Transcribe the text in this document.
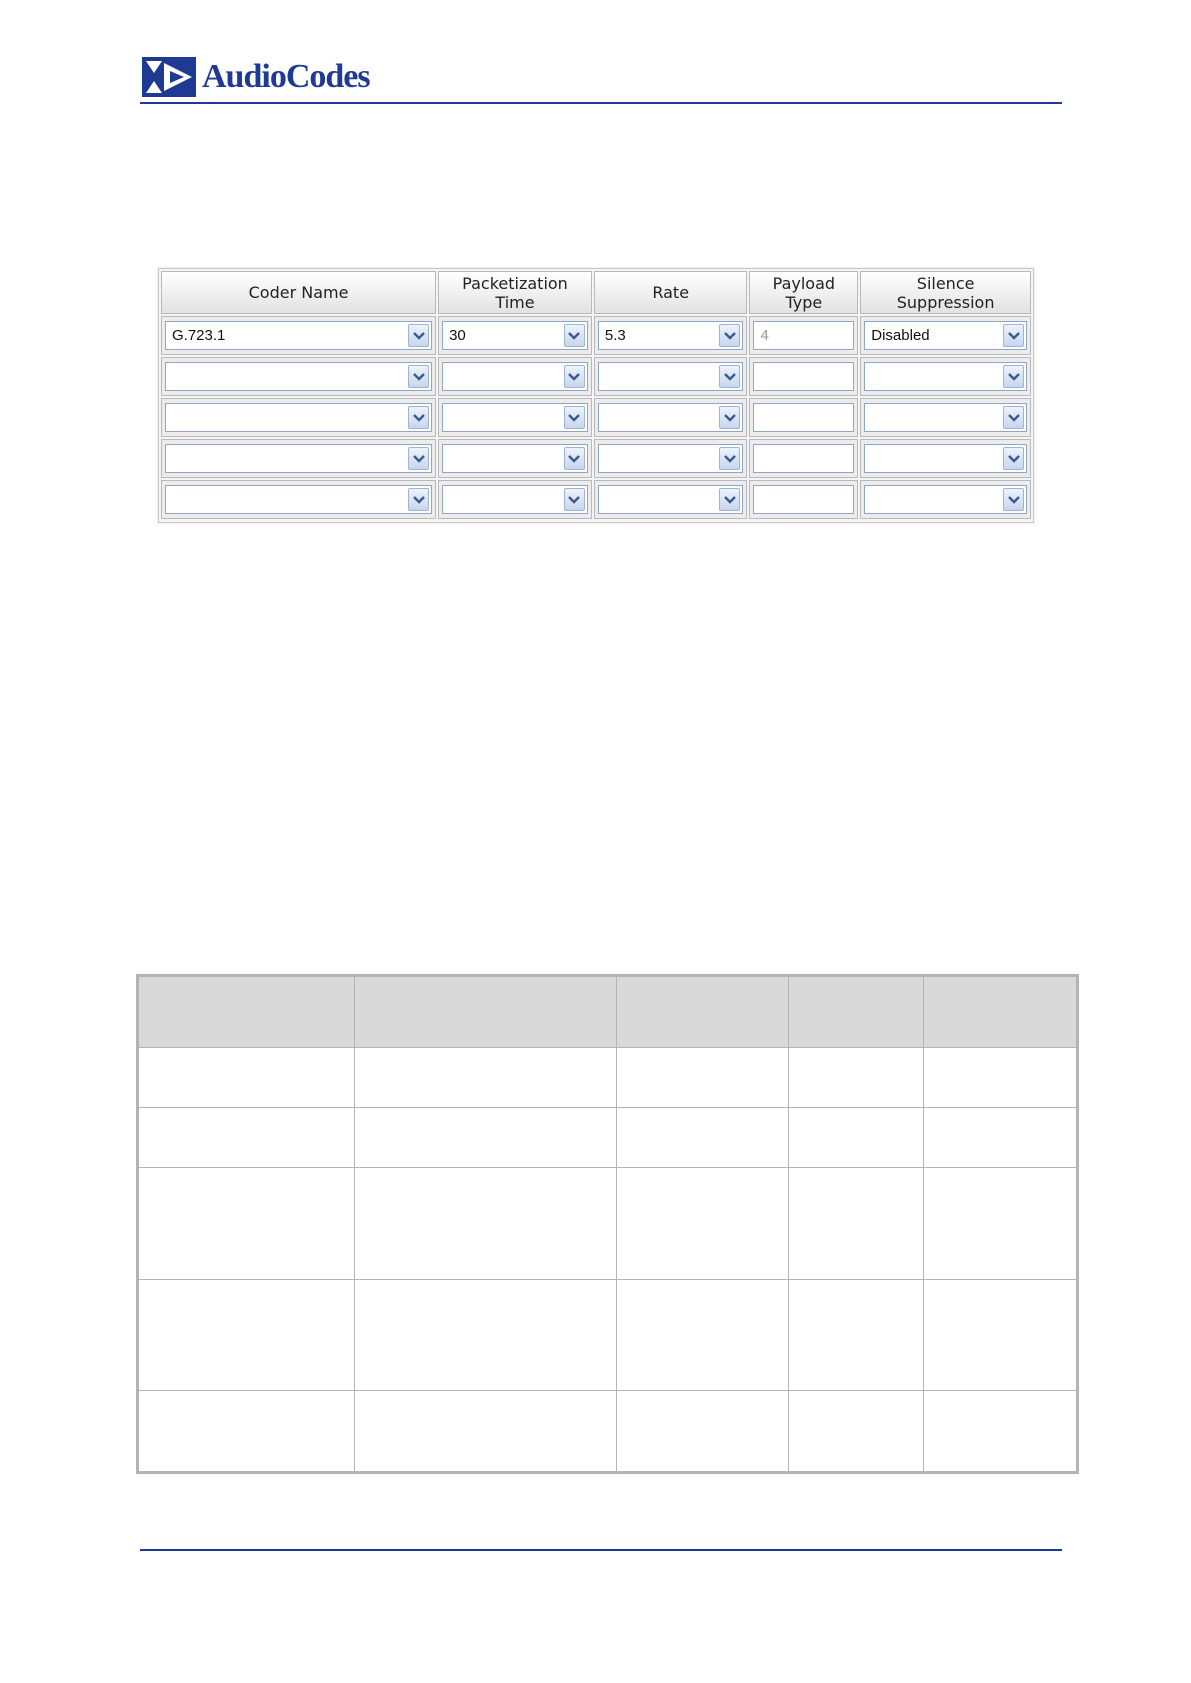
AudioCodes
Coder Name	Packetization Time	Rate	Payload Type	Silence Suppression

G.723.1	30	5.3	4	Disabled
